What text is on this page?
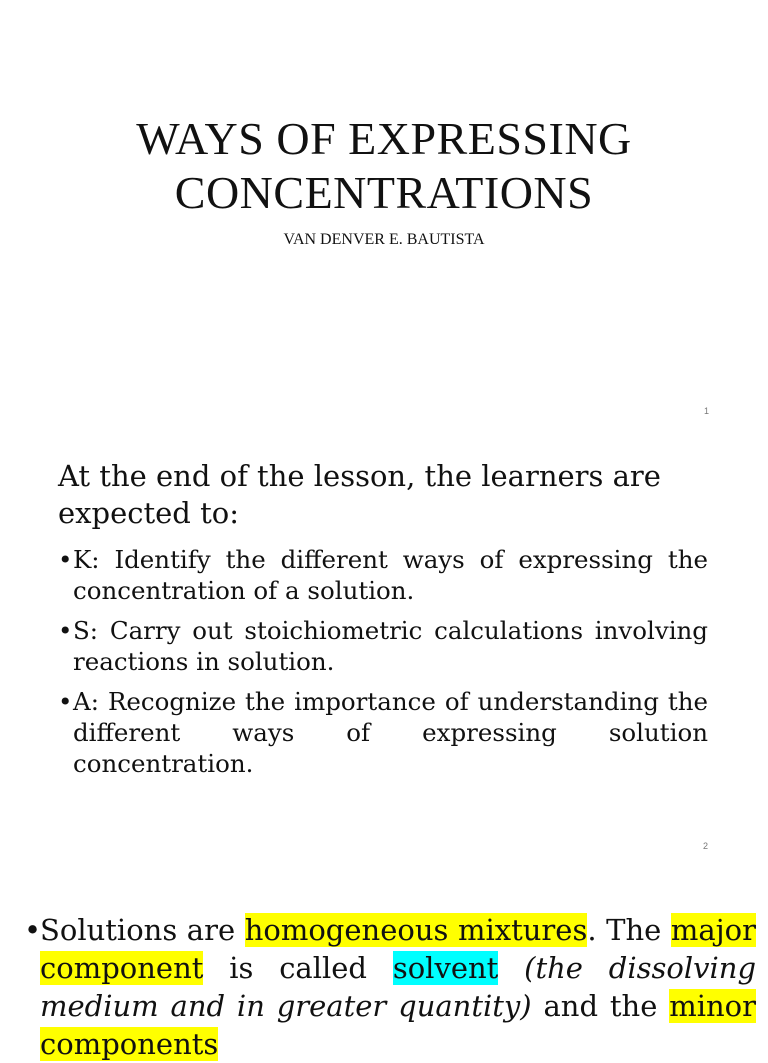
WAYS OF EXPRESSING
CONCENTRATIONS
VAN DENVER E. BAUTISTA
1
At the end of the lesson, the learners are expected to:
• K: Identify the different ways of expressing the concentration of a solution.
• S: Carry out stoichiometric calculations involving reactions in solution.
• A: Recognize the importance of understanding the different ways of expressing solution concentration.
2

•
Solutions are homogeneous mixtures. The major component is called solvent (the dissolving medium and in greater quantity) and the minor components
